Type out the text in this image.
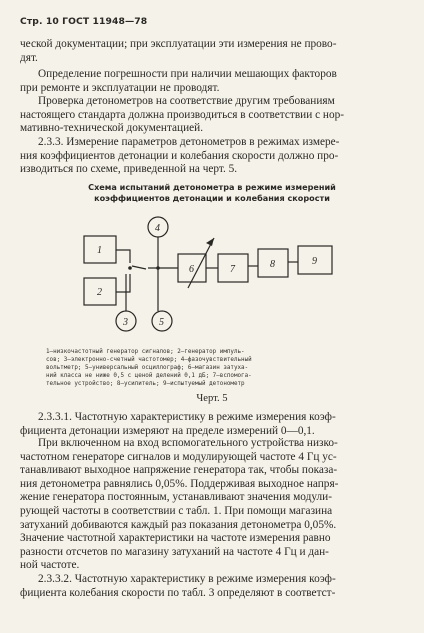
Стр. 10 ГОСТ 11948—78
ческой документации; при эксплуатации эти измерения не прово-
дят.
Определение погрешности при наличии мешающих факторов
при ремонте и эксплуатации не проводят.
Проверка детонометров на соответствие другим требованиям
настоящего стандарта должна производиться в соответствии с нор-
мативно-технической документацией.
2.3.3. Измерение параметров детонометров в режимах измере-
ния коэффициентов детонации и колебания скорости должно про-
изводиться по схеме, приведенной на черт. 5.
Схема испытаний детонометра в режиме измерений
коэффициентов детонации и колебания скорости
1
2
3
4
5
6	7	8	9
1—низкочастотный генератор сигналов; 2—генератор импуль-
сов; 3—электронно-счетный частотомер; 4—фазочувствительный
вольтметр; 5—универсальный осциллограф; 6—магазин затуха-
ний класса не ниже 0,5 с ценой делений 0,1 дБ; 7—вспомога-
тельное устройство; 8—усилитель; 9—испытуемый детонометр
Черт. 5
2.3.3.1. Частотную характеристику в режиме измерения коэф-
фициента детонации измеряют на пределе измерений 0—0,1.
При включенном на вход вспомогательного устройства низко-
частотном генераторе сигналов и модулирующей частоте 4 Гц ус-
танавливают выходное напряжение генератора так, чтобы показа-
ния детонометра равнялись 0,05%. Поддерживая выходное напря-
жение генератора постоянным, устанавливают значения модули-
рующей частоты в соответствии с табл. 1. При помощи магазина
затуханий добиваются каждый раз показания детонометра 0,05%.
Значение частотной характеристики на частоте измерения равно
разности отсчетов по магазину затуханий на частоте 4 Гц и дан-
ной частоте.
2.3.3.2. Частотную характеристику в режиме измерения коэф-
фициента колебания скорости по табл. 3 определяют в соответст-
